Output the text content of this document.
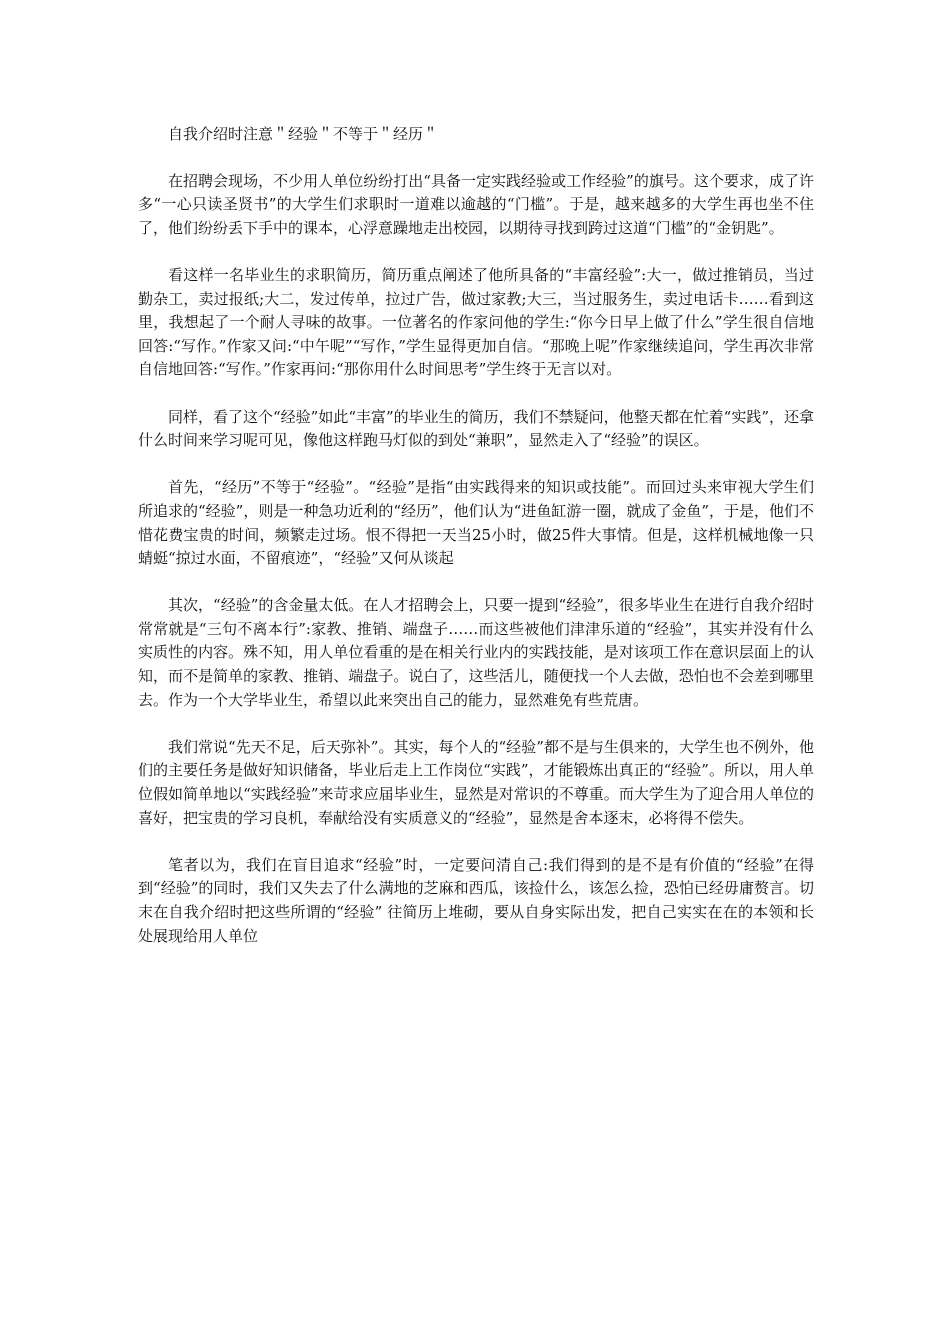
自我介绍时注意＂经验＂不等于＂经历＂

在招聘会现场，不少用人单位纷纷打出“具备一定实践经验或工作经验”的旗号。这个要求，成了许多“一心只读圣贤书”的大学生们求职时一道难以逾越的“门槛”。于是，越来越多的大学生再也坐不住了，他们纷纷丢下手中的课本，心浮意躁地走出校园，以期待寻找到跨过这道“门槛”的“金钥匙”。

看这样一名毕业生的求职简历，简历重点阐述了他所具备的“丰富经验”:大一，做过推销员，当过勤杂工，卖过报纸;大二，发过传单，拉过广告，做过家教;大三，当过服务生，卖过电话卡……看到这里，我想起了一个耐人寻味的故事。一位著名的作家问他的学生:“你今日早上做了什么”学生很自信地回答:“写作。”作家又问:“中午呢”“写作，”学生显得更加自信。“那晚上呢”作家继续追问，学生再次非常自信地回答:“写作。”作家再问:“那你用什么时间思考”学生终于无言以对。

同样，看了这个“经验”如此“丰富”的毕业生的简历，我们不禁疑问，他整天都在忙着“实践”，还拿什么时间来学习呢可见，像他这样跑马灯似的到处“兼职”，显然走入了“经验”的误区。

首先，“经历”不等于“经验”。“经验”是指“由实践得来的知识或技能”。而回过头来审视大学生们所追求的“经验”，则是一种急功近利的“经历”，他们认为“进鱼缸游一圈，就成了金鱼”，于是，他们不惜花费宝贵的时间，频繁走过场。恨不得把一天当25小时，做25件大事情。但是，这样机械地像一只蜻蜓“掠过水面，不留痕迹”，“经验”又何从谈起

其次，“经验”的含金量太低。在人才招聘会上，只要一提到“经验”，很多毕业生在进行自我介绍时常常就是“三句不离本行”:家教、推销、端盘子……而这些被他们津津乐道的“经验”，其实并没有什么实质性的内容。殊不知，用人单位看重的是在相关行业内的实践技能，是对该项工作在意识层面上的认知，而不是简单的家教、推销、端盘子。说白了，这些活儿，随便找一个人去做，恐怕也不会差到哪里去。作为一个大学毕业生，希望以此来突出自己的能力，显然难免有些荒唐。

我们常说“先天不足，后天弥补”。其实，每个人的“经验”都不是与生俱来的，大学生也不例外，他们的主要任务是做好知识储备，毕业后走上工作岗位“实践”，才能锻炼出真正的“经验”。所以，用人单位假如简单地以“实践经验”来苛求应届毕业生，显然是对常识的不尊重。而大学生为了迎合用人单位的喜好，把宝贵的学习良机，奉献给没有实质意义的“经验”，显然是舍本逐末，必将得不偿失。

笔者以为，我们在盲目追求“经验”时，一定要问清自己:我们得到的是不是有价值的“经验”在得到“经验”的同时，我们又失去了什么满地的芝麻和西瓜，该捡什么，该怎么捡，恐怕已经毋庸赘言。切末在自我介绍时把这些所谓的“经验” 往简历上堆砌，要从自身实际出发，把自己实实在在的本领和长处展现给用人单位
